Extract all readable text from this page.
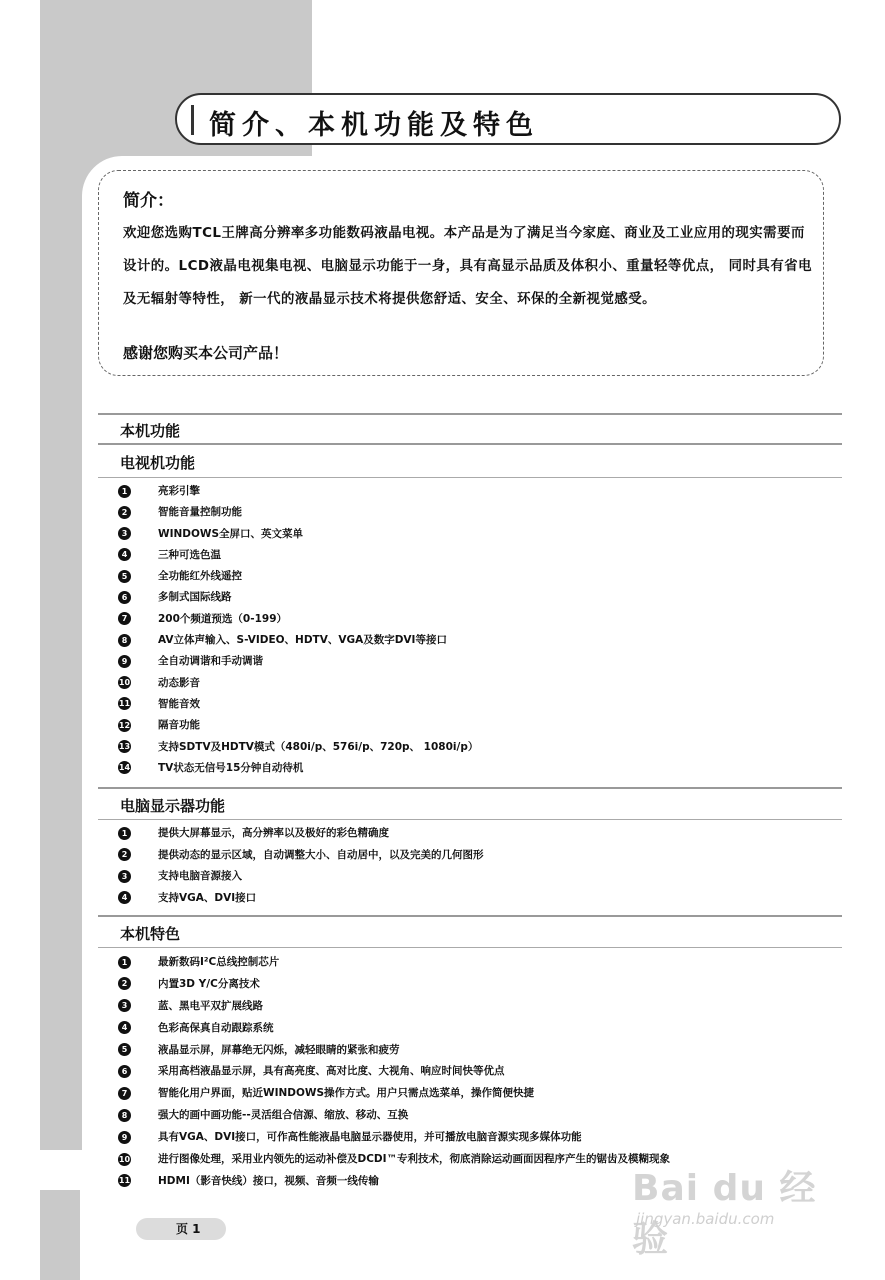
简介、本机功能及特色
简介：
欢迎您选购TCL王牌高分辨率多功能数码液晶电视。本产品是为了满足当今家庭、商业及工业应用的现实需要而设计的。LCD液晶电视集电视、电脑显示功能于一身，具有高显示品质及体积小、重量轻等优点， 同时具有省电及无辐射等特性， 新一代的液晶显示技术将提供您舒适、安全、环保的全新视觉感受。
感谢您购买本公司产品！
本机功能
电视机功能
1	亮彩引擎
2	智能音量控制功能
3	WINDOWS全屏口、英文菜单
4	三种可选色温
5	全功能红外线遥控
6	多制式国际线路
7	200个频道预选（0-199）
8	AV立体声输入、S-VIDEO、HDTV、VGA及数字DVI等接口
9	全自动调谐和手动调谐
10	动态影音
11	智能音效
12	隔音功能
13	支持SDTV及HDTV模式（480i/p、576i/p、720p、 1080i/p）
14	TV状态无信号15分钟自动待机
电脑显示器功能
1	提供大屏幕显示，高分辨率以及极好的彩色精确度
2	提供动态的显示区域，自动调整大小、自动居中，以及完美的几何图形
3	支持电脑音源接入
4	支持VGA、DVI接口
本机特色
1	最新数码I²C总线控制芯片
2	内置3D Y/C分离技术
3	蓝、黑电平双扩展线路
4	色彩高保真自动跟踪系统
5	液晶显示屏，屏幕绝无闪烁，减轻眼睛的紧张和疲劳
6	采用高档液晶显示屏，具有高亮度、高对比度、大视角、响应时间快等优点
7	智能化用户界面，贴近WINDOWS操作方式。用户只需点选菜单，操作简便快捷
8	强大的画中画功能--灵活组合信源、缩放、移动、互换
9	具有VGA、DVI接口，可作高性能液晶电脑显示器使用，并可播放电脑音源实现多媒体功能
10	进行图像处理，采用业内领先的运动补偿及DCDI™专利技术，彻底消除运动画面因程序产生的锯齿及模糊现象
11	HDMI（影音快线）接口，视频、音频一线传输
页 1
Bai du 经验
jingyan.baidu.com
